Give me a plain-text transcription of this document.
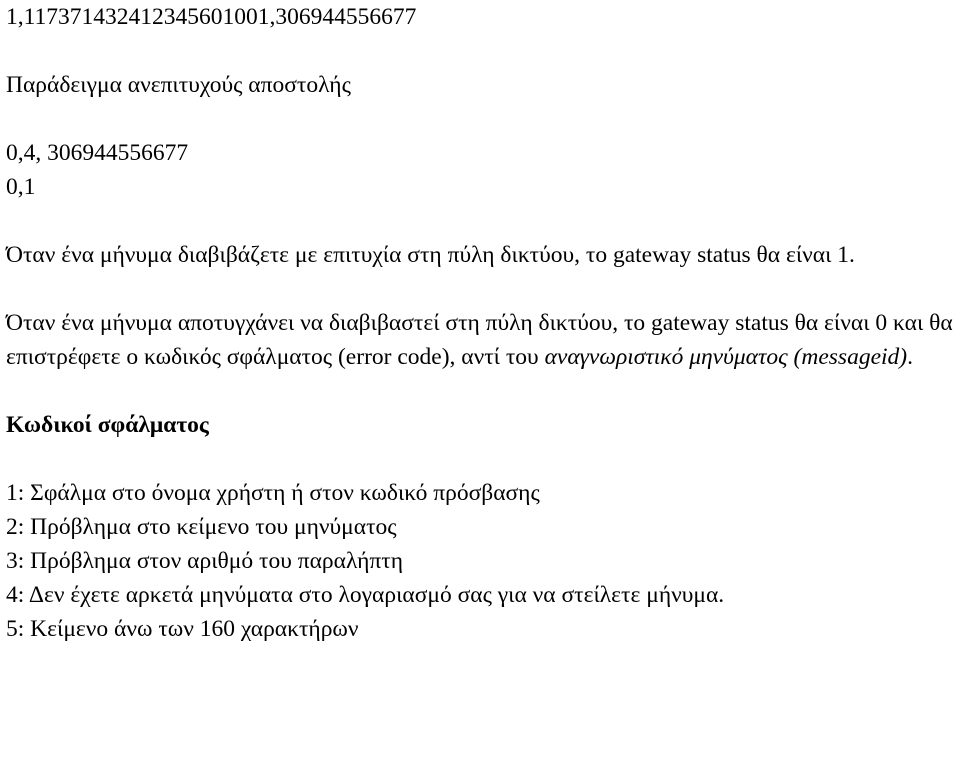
1,117371432412345601001,306944556677
Παράδειγμα ανεπιτυχούς αποστολής
0,4, 306944556677
0,1
Όταν ένα μήνυμα διαβιβάζετε με επιτυχία στη πύλη δικτύου, το gateway status θα είναι 1.

Όταν ένα μήνυμα αποτυγχάνει να διαβιβαστεί στη πύλη δικτύου, το gateway status θα είναι 0 και θα επιστρέφετε ο κωδικός σφάλματος (error code), αντί του αναγνωριστικό μηνύματος (messageid).

Κωδικοί σφάλματος
1: Σφάλμα στο όνομα χρήστη ή στον κωδικό πρόσβασης
2: Πρόβλημα στο κείμενο του μηνύματος
3: Πρόβλημα στον αριθμό του παραλήπτη
4: Δεν έχετε αρκετά μηνύματα στο λογαριασμό σας για να στείλετε μήνυμα.
5: Κείμενο άνω των 160 χαρακτήρων
